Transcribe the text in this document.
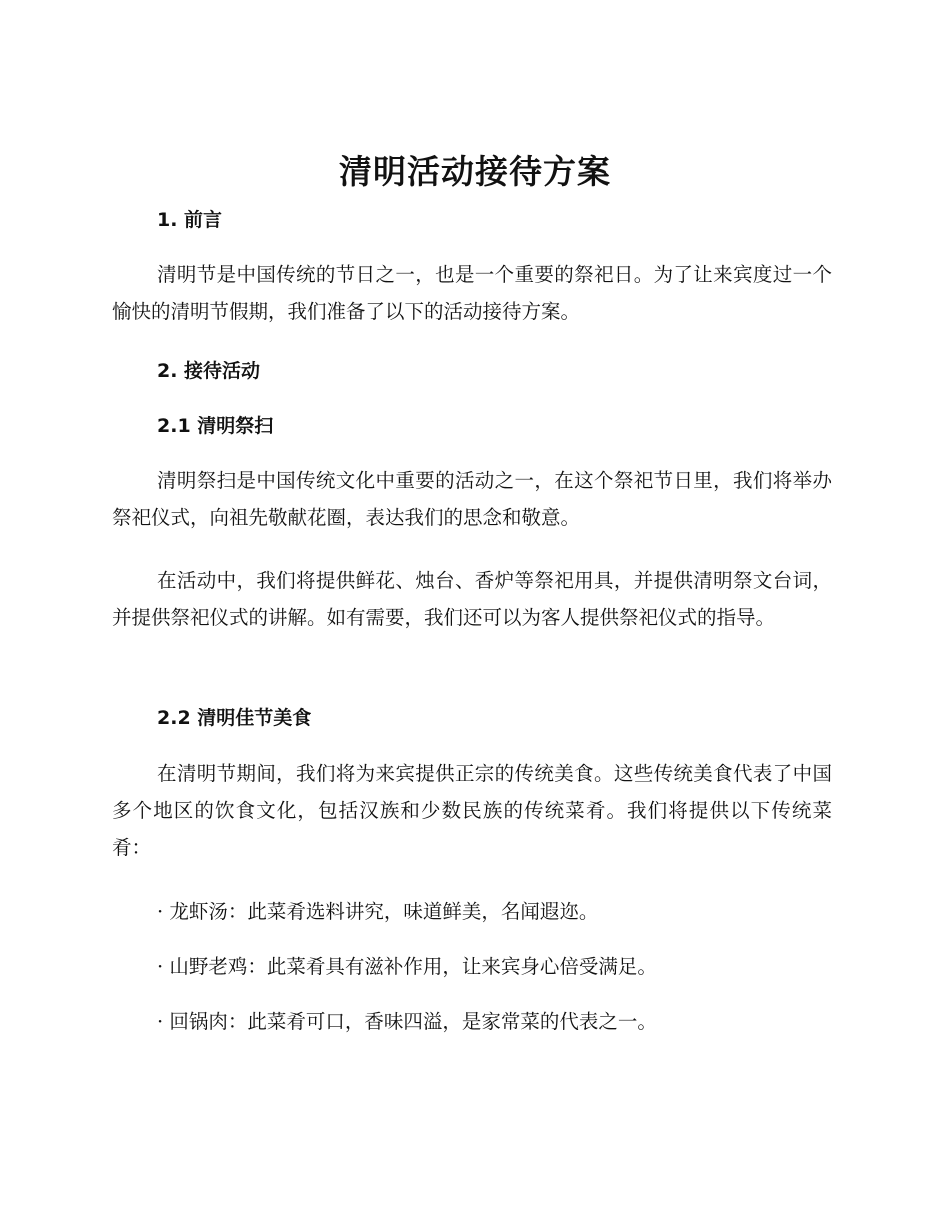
清明活动接待方案
1. 前言

清明节是中国传统的节日之一，也是一个重要的祭祀日。为了让来宾度过一个愉快的清明节假期，我们准备了以下的活动接待方案。

2. 接待活动
2.1 清明祭扫

清明祭扫是中国传统文化中重要的活动之一，在这个祭祀节日里，我们将举办祭祀仪式，向祖先敬献花圈，表达我们的思念和敬意。

在活动中，我们将提供鲜花、烛台、香炉等祭祀用具，并提供清明祭文台词，并提供祭祀仪式的讲解。如有需要，我们还可以为客人提供祭祀仪式的指导。

2.2 清明佳节美食

在清明节期间，我们将为来宾提供正宗的传统美食。这些传统美食代表了中国多个地区的饮食文化，包括汉族和少数民族的传统菜肴。我们将提供以下传统菜肴：

· 龙虾汤：此菜肴选料讲究，味道鲜美，名闻遐迩。

· 山野老鸡：此菜肴具有滋补作用，让来宾身心倍受满足。

· 回锅肉：此菜肴可口，香味四溢，是家常菜的代表之一。
